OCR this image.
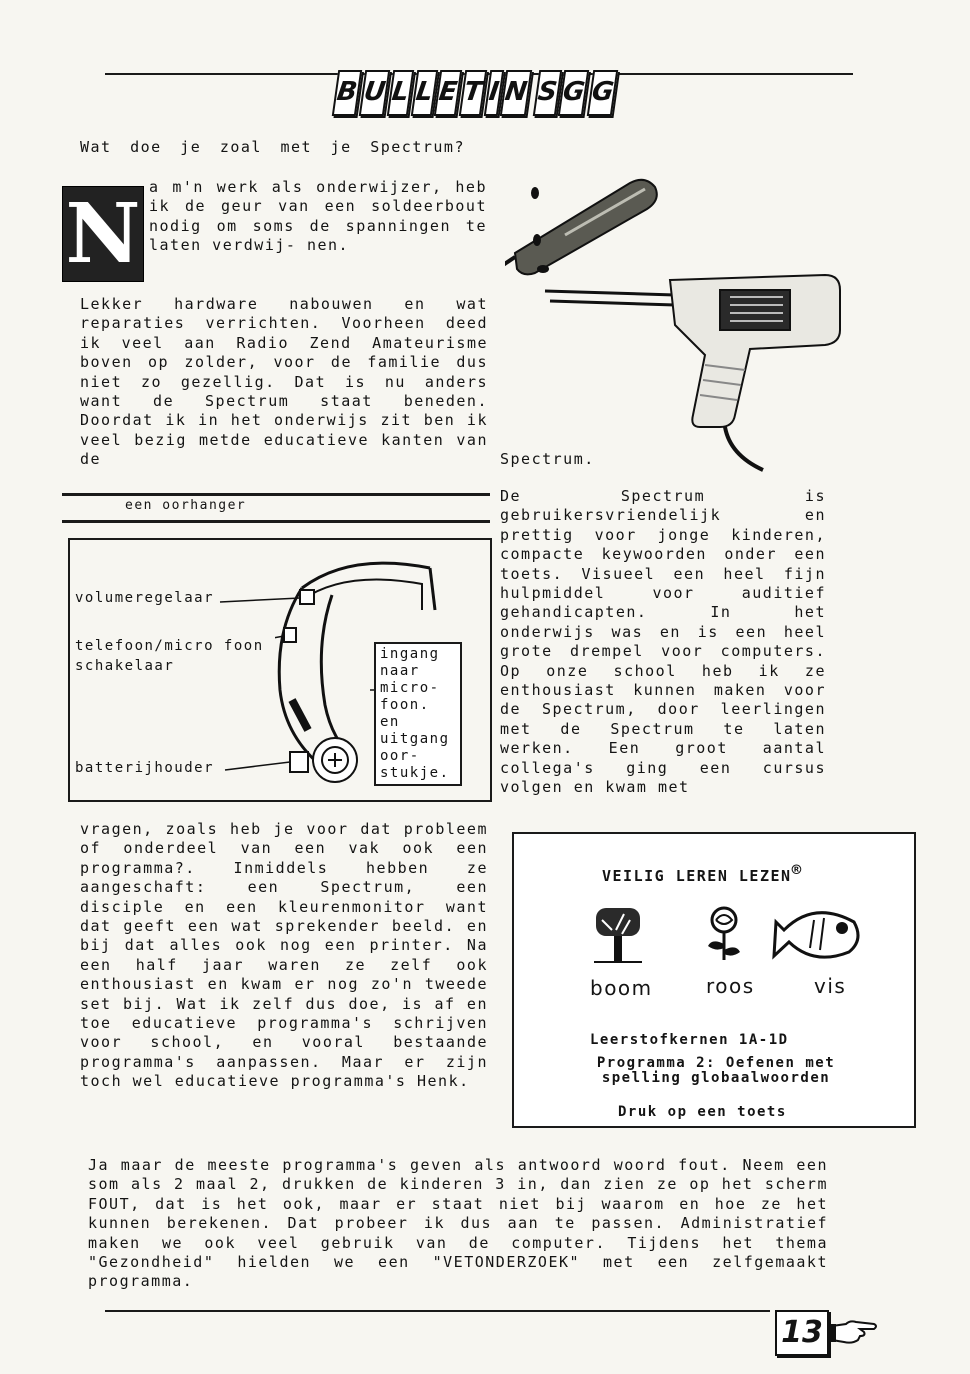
B U L L E T I N S G G
Wat doe je zoal met je Spectrum?
N a m'n werk als onderwijzer, heb ik de geur van een soldeerbout nodig om soms de spanningen te laten verdwij- nen.
Lekker hardware nabouwen en wat reparaties verrichten. Voorheen deed ik veel aan Radio Zend Amateurisme boven op zolder, voor de familie dus niet zo gezellig. Dat is nu anders want de Spectrum staat beneden. Doordat ik in het onderwijs zit ben ik veel bezig metde educatieve kanten van de	Spectrum.
De Spectrum is gebruikersvriendelijk en prettig voor jonge kinderen, compacte keywoorden onder een toets. Visueel een heel fijn hulpmiddel voor auditief gehandicapten. In het onderwijs was en is een heel grote drempel voor computers. Op onze school heb ik ze enthousiast kunnen maken voor de Spectrum, door leerlingen met de Spectrum te laten werken. Een groot aantal collega's ging een cursus volgen en kwam met
een oorhanger
volumeregelaar
telefoon/micro foon schakelaar
batterijhouder
ingang naar micro- foon. en uitgang oor- stukje.
vragen, zoals heb je voor dat probleem of onderdeel van een vak ook een programma?. Inmiddels hebben ze aangeschaft: een Spectrum, een disciple en een kleurenmonitor want dat geeft een wat sprekender beeld. en bij dat alles ook nog een printer. Na een half jaar waren ze zelf ook enthousiast en kwam er nog zo'n tweede set bij. Wat ik zelf dus doe, is af en toe educatieve programma's schrijven voor school, en vooral bestaande programma's aanpassen. Maar er zijn toch wel educatieve programma's Henk.
VEILIG LEREN LEZEN®
boom	roos	vis
Leerstofkernen 1A-1D
Programma 2: Oefenen met spelling globaalwoorden
Druk op een toets
Ja maar de meeste programma's geven als antwoord woord fout. Neem een som als 2 maal 2, drukken de kinderen 3 in, dan zien ze op het scherm FOUT, dat is het ook, maar er staat niet bij waarom en hoe ze het kunnen berekenen. Dat probeer ik dus aan te passen. Administratief maken we ook veel gebruik van de computer. Tijdens het thema "Gezondheid" hielden we een "VETONDERZOEK" met een zelfgemaakt programma.
13
